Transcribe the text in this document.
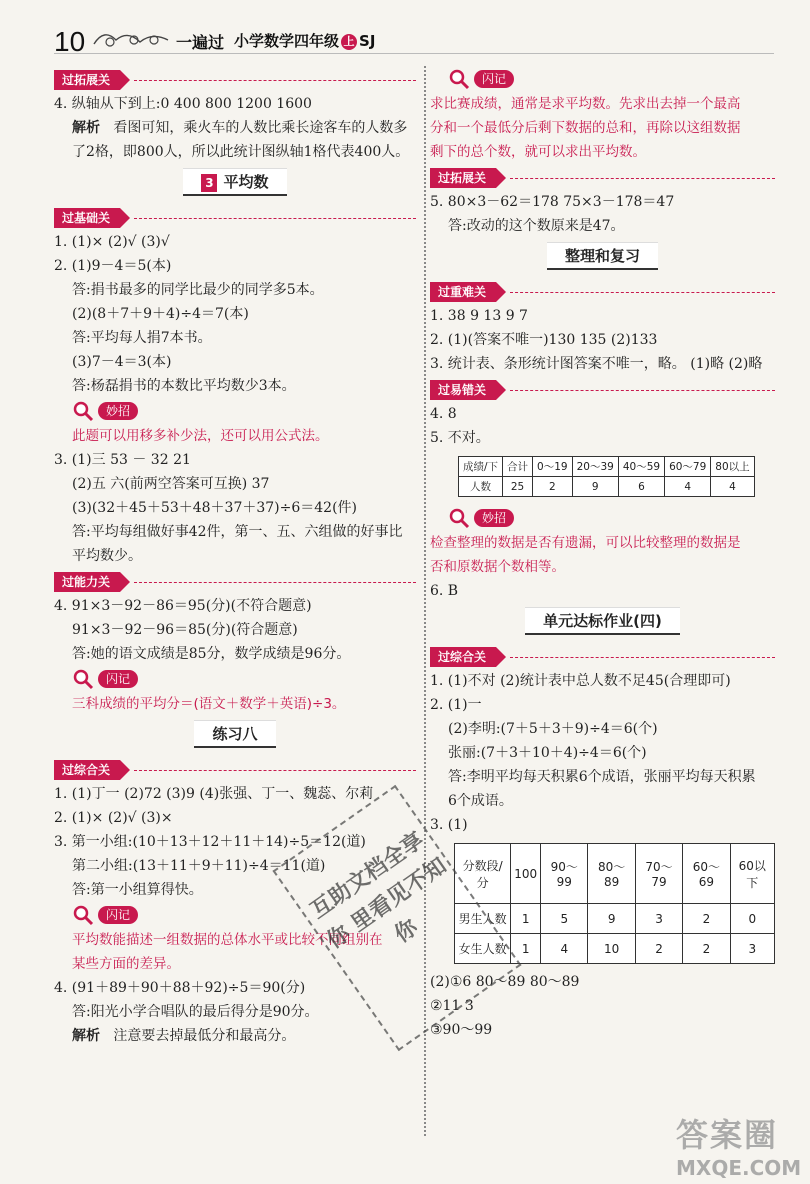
10	一遍过 小学数学四年级 上 SJ
过拓展关
4. 纵轴从下到上:0 400 800 1200 1600
解析 看图可知，乘火车的人数比乘长途客车的人数多
了2格，即800人，所以此统计图纵轴1格代表400人。
3 平均数
过基础关
1. (1)× (2)√ (3)√
2. (1)9－4＝5(本)
答:捐书最多的同学比最少的同学多5本。
(2)(8＋7＋9＋4)÷4＝7(本)
答:平均每人捐7本书。
(3)7－4＝3(本)
答:杨磊捐书的本数比平均数少3本。
妙招
此题可以用移多补少法，还可以用公式法。
3. (1)三 53 － 32 21
(2)五 六(前两空答案可互换) 37
(3)(32＋45＋53＋48＋37＋37)÷6＝42(件)
答:平均每组做好事42件，第一、五、六组做的好事比
平均数少。
过能力关
4. 91×3－92－86＝95(分)(不符合题意)
91×3－92－96＝85(分)(符合题意)
答:她的语文成绩是85分，数学成绩是96分。
闪记
三科成绩的平均分＝(语文＋数学＋英语)÷3。
练习八
过综合关
1. (1)丁一 (2)72 (3)9 (4)张强、丁一、魏蕊、尔莉
2. (1)× (2)√ (3)×
3. 第一小组:(10＋13＋12＋11＋14)÷5＝12(道)
第二小组:(13＋11＋9＋11)÷4＝11(道)
答:第一小组算得快。
闪记
平均数能描述一组数据的总体水平或比较不同组别在
某些方面的差异。
4. (91＋89＋90＋88＋92)÷5＝90(分)
答:阳光小学合唱队的最后得分是90分。
解析 注意要去掉最低分和最高分。
闪记
求比赛成绩，通常是求平均数。先求出去掉一个最高
分和一个最低分后剩下数据的总和，再除以这组数据
剩下的总个数，就可以求出平均数。
过拓展关
5. 80×3－62＝178 75×3－178＝47
答:改动的这个数原来是47。
整理和复习
过重难关
1. 38 9 13 9 7
2. (1)(答案不唯一)130 135 (2)133
3. 统计表、条形统计图答案不唯一，略。 (1)略 (2)略
过易错关
4. 8
5. 不对。
成绩/下	合计	0～19	20～39	40～59	60～79	80以上
人数	25	2	9	6	4	4
妙招
检查整理的数据是否有遗漏，可以比较整理的数据是
否和原数据个数相等。
6. B
单元达标作业(四)
过综合关
1. (1)不对 (2)统计表中总人数不足45(合理即可)
2. (1)一
(2)李明:(7＋5＋3＋9)÷4＝6(个)
张丽:(7＋3＋10＋4)÷4＝6(个)
答:李明平均每天积累6个成语，张丽平均每天积累
6个成语。
3. (1)
分数段/分	100	90～99	80～89	70～79	60～69	60以下
男生人数	1	5	9	3	2	0
女生人数	1	4	10	2	2	3
(2)①6 80～89 80～89
②11 3
③90～99
互助文档全享你 里看见不知你
答案圈
MXQE.COM
